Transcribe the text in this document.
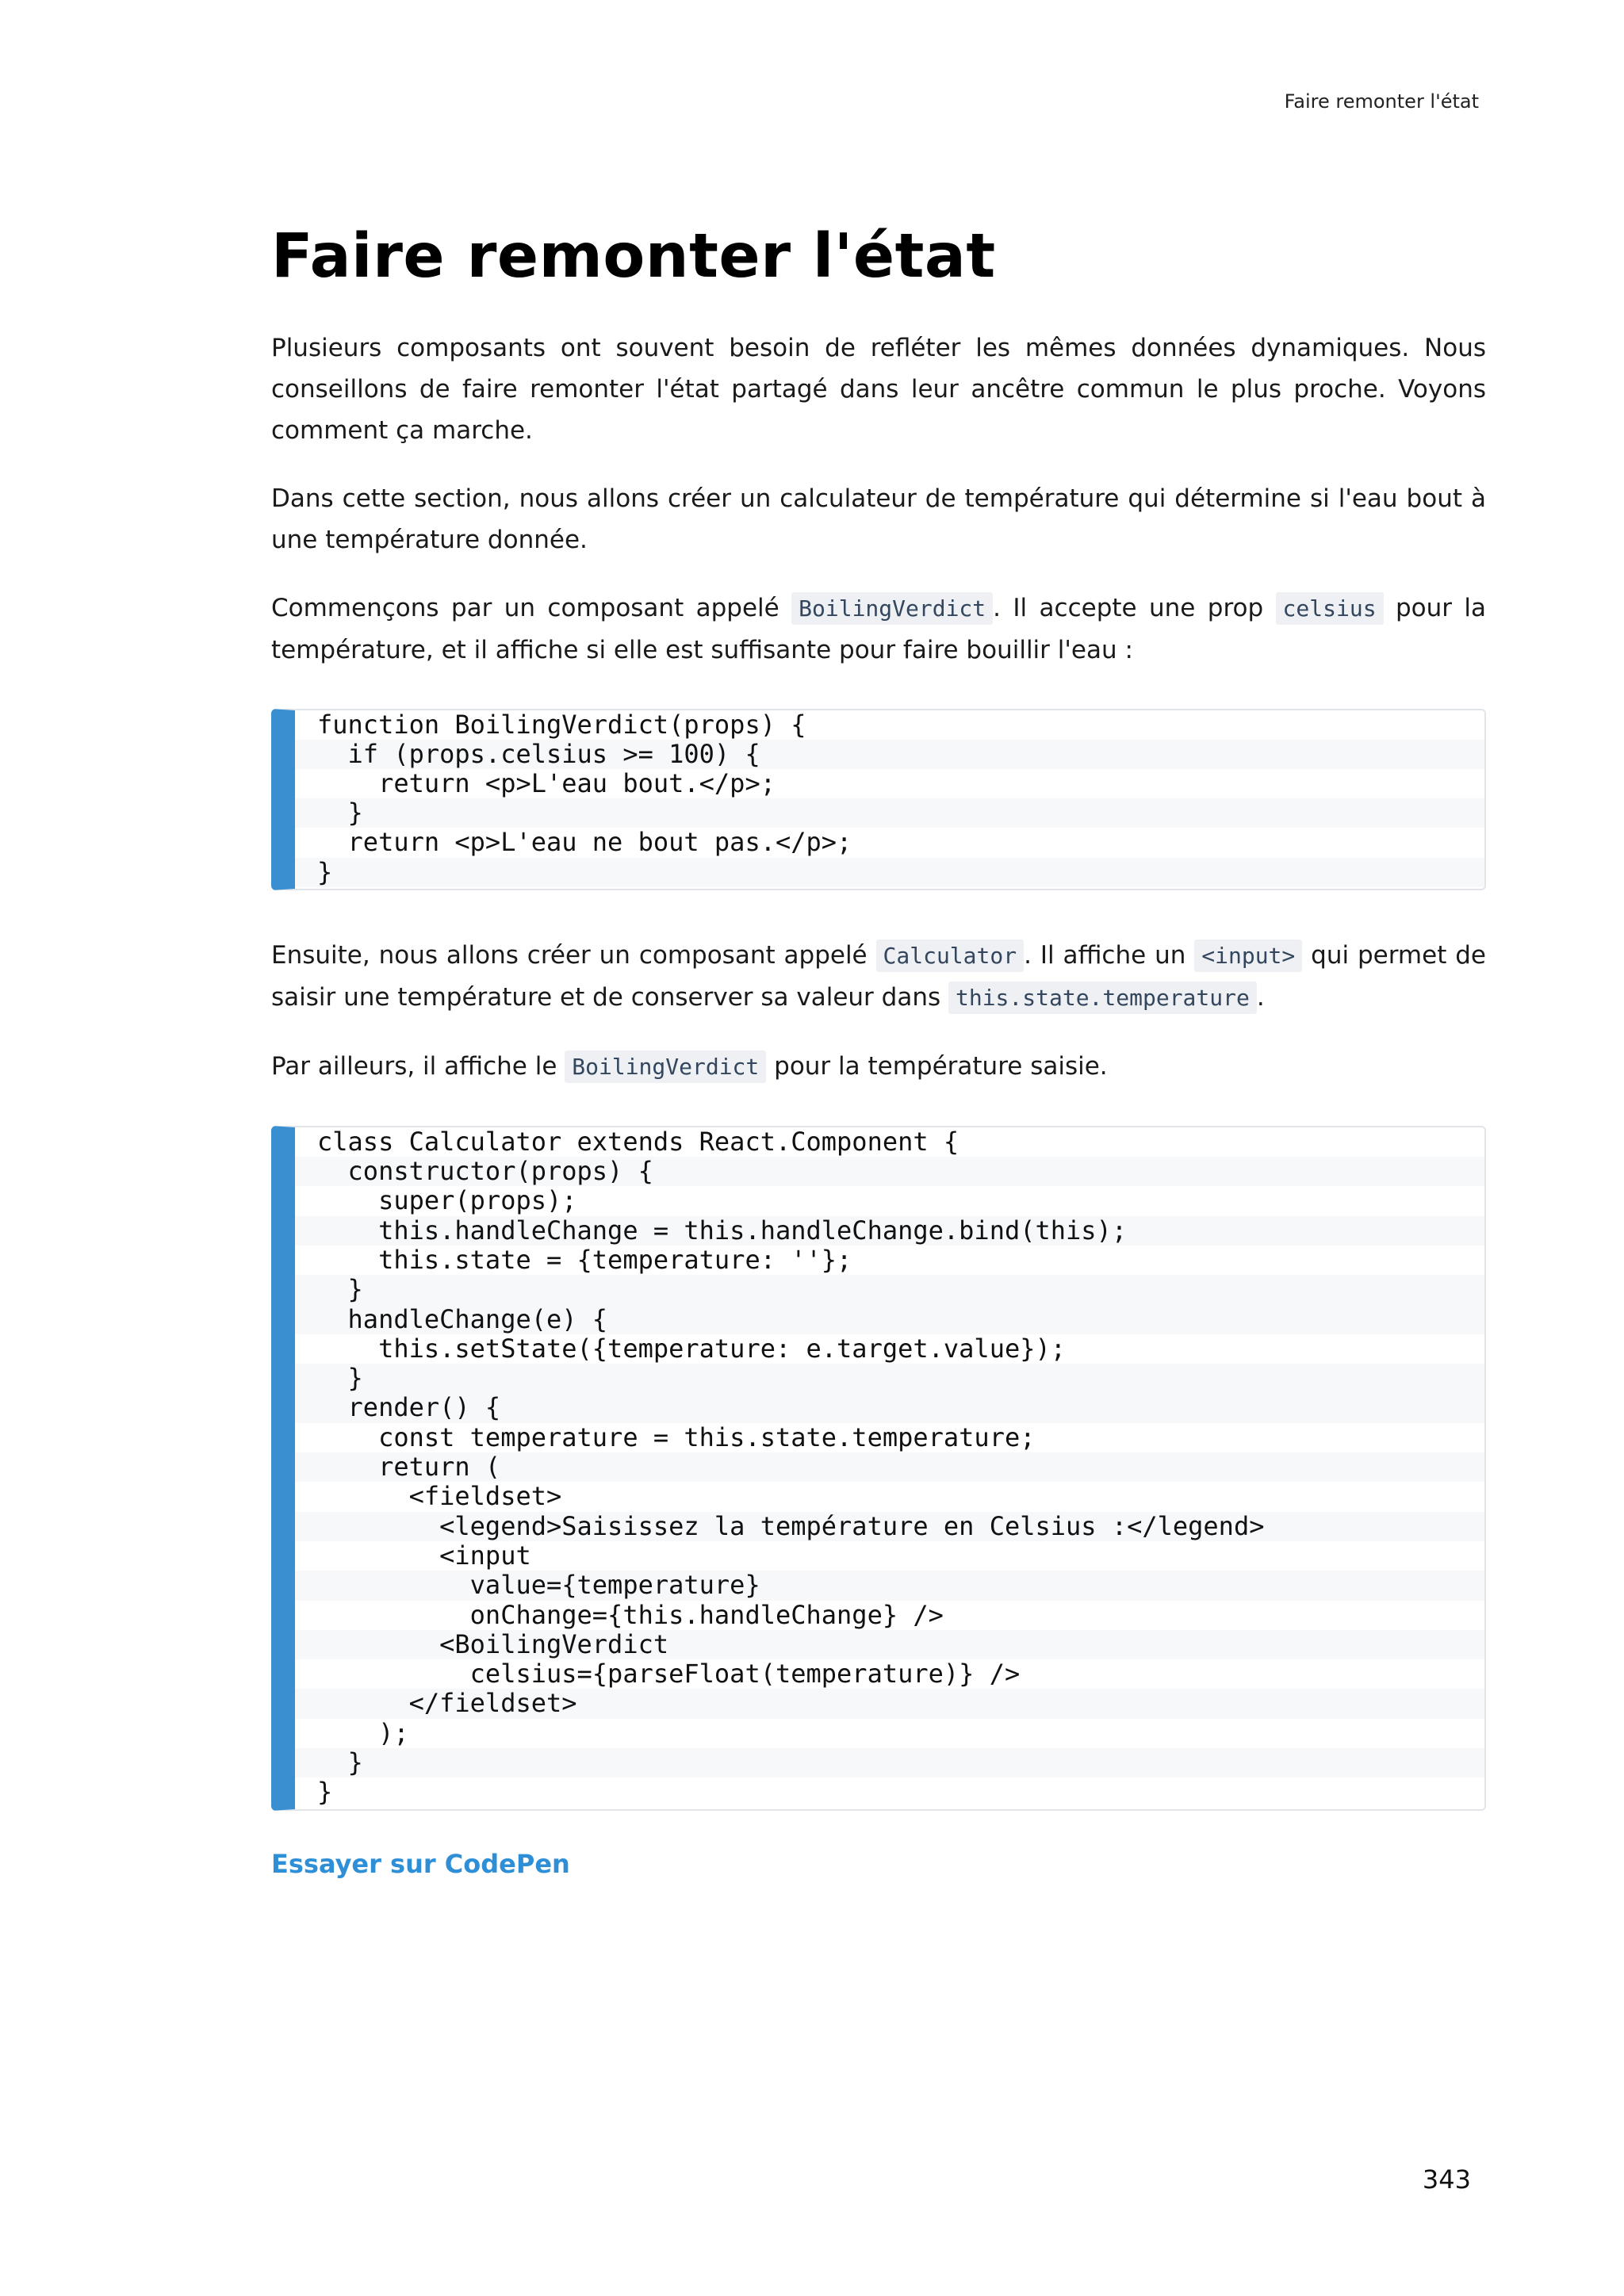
Faire remonter l'état
Faire remonter l'état

Plusieurs composants ont souvent besoin de refléter les mêmes données dynamiques. Nous conseillons de faire remonter l'état partagé dans leur ancêtre commun le plus proche. Voyons comment ça marche.

Dans cette section, nous allons créer un calculateur de température qui détermine si l'eau bout à une température donnée.

Commençons par un composant appelé BoilingVerdict . Il accepte une prop celsius pour la température, et il affiche si elle est suffisante pour faire bouillir l'eau :

function BoilingVerdict(props) {
if (props.celsius >= 100) {
return <p>L'eau bout.</p>;
}
return <p>L'eau ne bout pas.</p>;
}

Ensuite, nous allons créer un composant appelé Calculator . Il affiche un <input> qui permet de saisir une température et de conserver sa valeur dans this.state.temperature .

Par ailleurs, il affiche le BoilingVerdict pour la température saisie.

class Calculator extends React.Component {
constructor(props) {
super(props);
this.handleChange = this.handleChange.bind(this);
this.state = {temperature: ''};
}
handleChange(e) {
this.setState({temperature: e.target.value});
}
render() {
const temperature = this.state.temperature;
return (
<fieldset>
<legend>Saisissez la température en Celsius :</legend>
<input
value={temperature}
onChange={this.handleChange} />
<BoilingVerdict
celsius={parseFloat(temperature)} />
</fieldset>
);
}
}
Essayer sur CodePen
343
